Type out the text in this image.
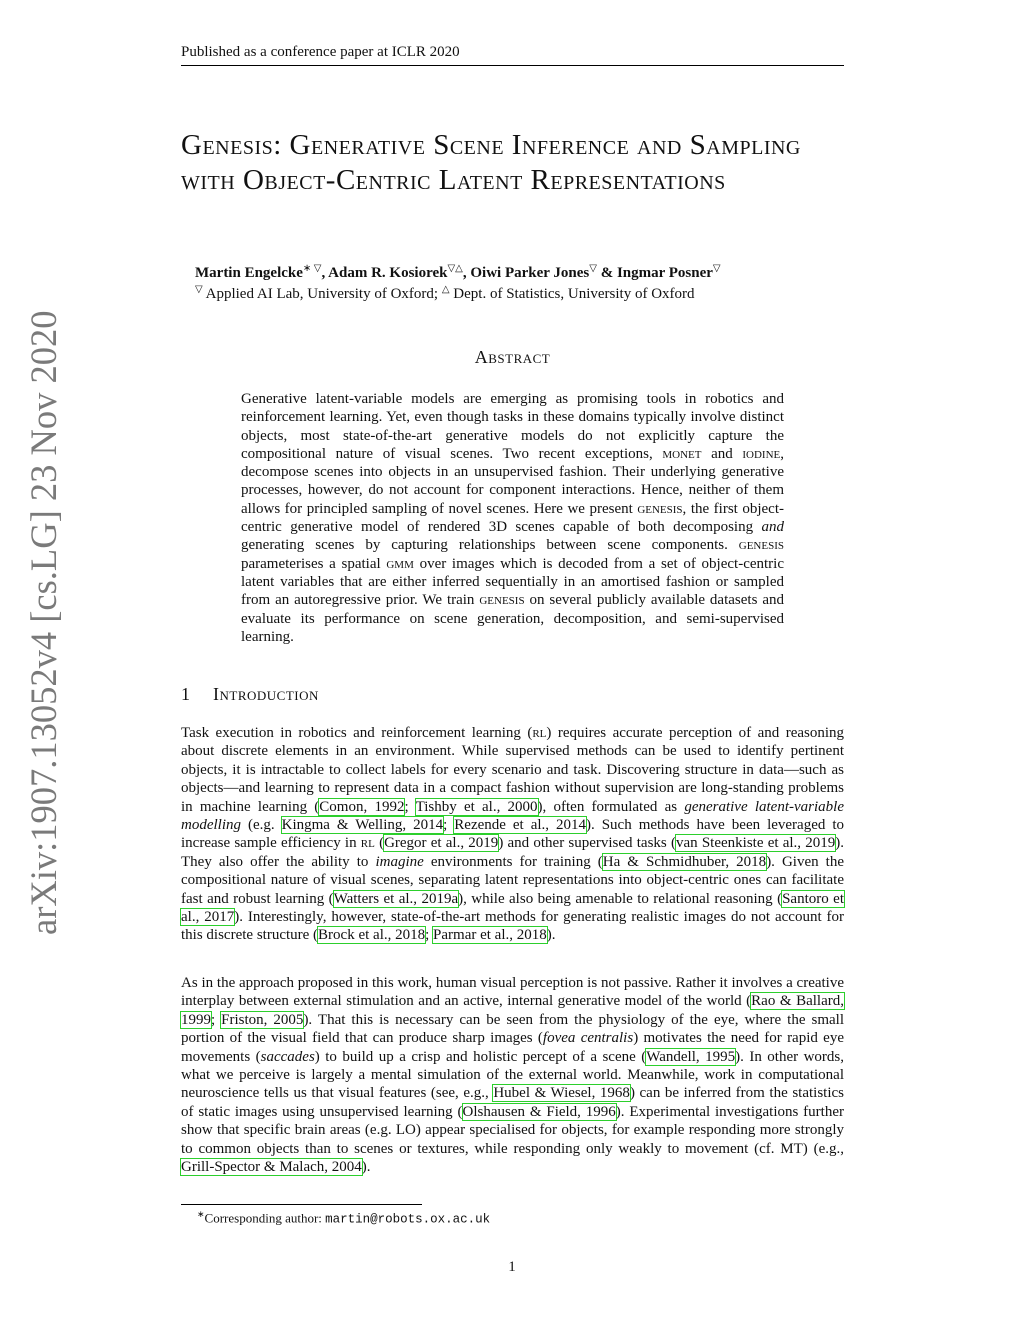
Published as a conference paper at ICLR 2020
arXiv:1907.13052v4 [cs.LG] 23 Nov 2020
Genesis: Generative Scene Inference and Sampling with Object-Centric Latent Representations
Martin Engelcke∗ ▽, Adam R. Kosiorek▽△, Oiwi Parker Jones▽ & Ingmar Posner▽
▽ Applied AI Lab, University of Oxford; △ Dept. of Statistics, University of Oxford
Abstract

Generative latent-variable models are emerging as promising tools in robotics and reinforcement learning. Yet, even though tasks in these domains typically involve distinct objects, most state-of-the-art generative models do not explicitly capture the compositional nature of visual scenes. Two recent exceptions, monet and iodine, decompose scenes into objects in an unsupervised fashion. Their underlying generative processes, however, do not account for component interactions. Hence, neither of them allows for principled sampling of novel scenes. Here we present genesis, the first object-centric generative model of rendered 3D scenes capable of both decomposing and generating scenes by capturing relationships between scene components. genesis parameterises a spatial gmm over images which is decoded from a set of object-centric latent variables that are either inferred sequentially in an amortised fashion or sampled from an autoregressive prior. We train genesis on several publicly available datasets and evaluate its performance on scene generation, decomposition, and semi-supervised learning.

1 Introduction

Task execution in robotics and reinforcement learning (rl) requires accurate perception of and reasoning about discrete elements in an environment. While supervised methods can be used to identify pertinent objects, it is intractable to collect labels for every scenario and task. Discovering structure in data—such as objects—and learning to represent data in a compact fashion without supervision are long-standing problems in machine learning (Comon, 1992; Tishby et al., 2000), often formulated as generative latent-variable modelling (e.g. Kingma & Welling, 2014; Rezende et al., 2014). Such methods have been leveraged to increase sample efficiency in rl (Gregor et al., 2019) and other supervised tasks (van Steenkiste et al., 2019). They also offer the ability to imagine environments for training (Ha & Schmidhuber, 2018). Given the compositional nature of visual scenes, separating latent representations into object-centric ones can facilitate fast and robust learning (Watters et al., 2019a), while also being amenable to relational reasoning (Santoro et al., 2017). Interestingly, however, state-of-the-art methods for generating realistic images do not account for this discrete structure (Brock et al., 2018; Parmar et al., 2018).

As in the approach proposed in this work, human visual perception is not passive. Rather it involves a creative interplay between external stimulation and an active, internal generative model of the world (Rao & Ballard, 1999; Friston, 2005). That this is necessary can be seen from the physiology of the eye, where the small portion of the visual field that can produce sharp images (fovea centralis) motivates the need for rapid eye movements (saccades) to build up a crisp and holistic percept of a scene (Wandell, 1995). In other words, what we perceive is largely a mental simulation of the external world. Meanwhile, work in computational neuroscience tells us that visual features (see, e.g., Hubel & Wiesel, 1968) can be inferred from the statistics of static images using unsupervised learning (Olshausen & Field, 1996). Experimental investigations further show that specific brain areas (e.g. LO) appear specialised for objects, for example responding more strongly to common objects than to scenes or textures, while responding only weakly to movement (cf. MT) (e.g., Grill-Spector & Malach, 2004).

∗Corresponding author: martin@robots.ox.ac.uk
1
